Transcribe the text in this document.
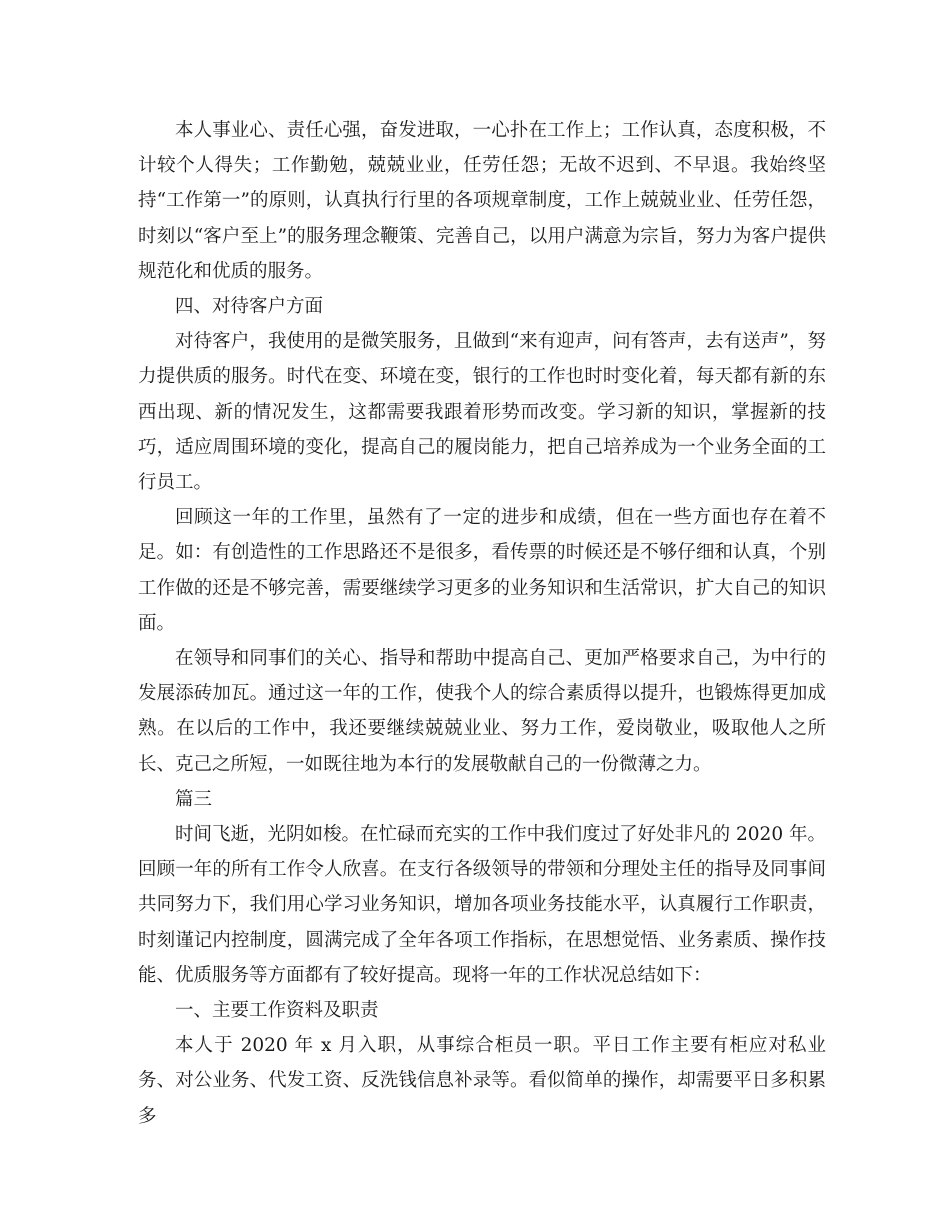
本人事业心、责任心强，奋发进取，一心扑在工作上；工作认真，态度积极，不计较个人得失；工作勤勉，兢兢业业，任劳任怨；无故不迟到、不早退。我始终坚持“工作第一”的原则，认真执行行里的各项规章制度，工作上兢兢业业、任劳任怨，时刻以“客户至上”的服务理念鞭策、完善自己，以用户满意为宗旨，努力为客户提供规范化和优质的服务。

四、对待客户方面

对待客户，我使用的是微笑服务，且做到“来有迎声，问有答声，去有送声”，努力提供质的服务。时代在变、环境在变，银行的工作也时时变化着，每天都有新的东西出现、新的情况发生，这都需要我跟着形势而改变。学习新的知识，掌握新的技巧，适应周围环境的变化，提高自己的履岗能力，把自己培养成为一个业务全面的工行员工。

回顾这一年的工作里，虽然有了一定的进步和成绩，但在一些方面也存在着不足。如：有创造性的工作思路还不是很多，看传票的时候还是不够仔细和认真，个别工作做的还是不够完善，需要继续学习更多的业务知识和生活常识，扩大自己的知识面。

在领导和同事们的关心、指导和帮助中提高自己、更加严格要求自己，为中行的发展添砖加瓦。通过这一年的工作，使我个人的综合素质得以提升，也锻炼得更加成熟。在以后的工作中，我还要继续兢兢业业、努力工作，爱岗敬业，吸取他人之所长、克己之所短，一如既往地为本行的发展敬献自己的一份微薄之力。

篇三

时间飞逝，光阴如梭。在忙碌而充实的工作中我们度过了好处非凡的 2020 年。回顾一年的所有工作令人欣喜。在支行各级领导的带领和分理处主任的指导及同事间共同努力下，我们用心学习业务知识，增加各项业务技能水平，认真履行工作职责，时刻谨记内控制度，圆满完成了全年各项工作指标，在思想觉悟、业务素质、操作技能、优质服务等方面都有了较好提高。现将一年的工作状况总结如下：

一、主要工作资料及职责

本人于 2020 年 x 月入职，从事综合柜员一职。平日工作主要有柜应对私业务、对公业务、代发工资、反洗钱信息补录等。看似简单的操作，却需要平日多积累多
